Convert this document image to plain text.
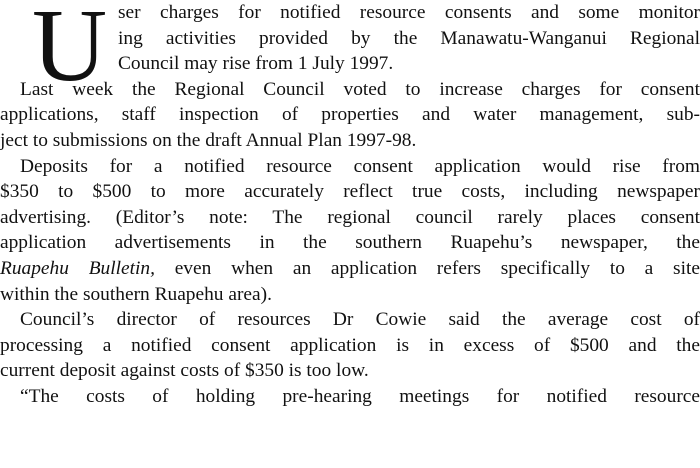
U ser charges for notified resource consents and some monitor
ing activities provided by the Manawatu-Wanganui Regional
Council may rise from 1 July 1997.
Last week the Regional Council voted to increase charges for consent
applications, staff inspection of properties and water management, sub-
ject to submissions on the draft Annual Plan 1997-98.
Deposits for a notified resource consent application would rise from
$350 to $500 to more accurately reflect true costs, including newspaper
advertising. (Editor’s note: The regional council rarely places consent
application advertisements in the southern Ruapehu’s newspaper, the
Ruapehu Bulletin, even when an application refers specifically to a site
within the southern Ruapehu area).
Council’s director of resources Dr Cowie said the average cost of
processing a notified consent application is in excess of $500 and the
current deposit against costs of $350 is too low.
“The costs of holding pre-hearing meetings for notified resource
